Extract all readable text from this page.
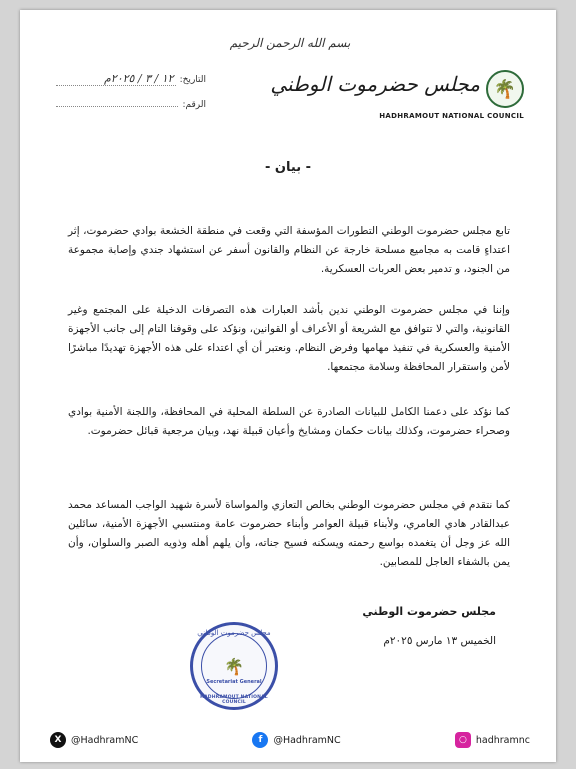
بسم الله الرحمن الرحيم
التاريخ:
١٢ / ٣ / ٢٠٢٥م
الرقم:
🌴
مجلس حضرموت الوطني
HADHRAMOUT NATIONAL COUNCIL
- بيان -

تابع مجلس حضرموت الوطني التطورات المؤسفة التي وقعت في منطقة الخشعة بوادي حضرموت، إثر اعتداءٍ قامت به مجاميع مسلحة خارجة عن النظام والقانون أسفر عن استشهاد جندي وإصابة مجموعة من الجنود، و تدمير بعض العربات العسكرية.

وإننا في مجلس حضرموت الوطني ندين بأشد العبارات هذه التصرفات الدخيلة على المجتمع وغير القانونية، والتي لا تتوافق مع الشريعة أو الأعراف أو القوانين، ونؤكد على وقوفنا التام إلى جانب الأجهزة الأمنية والعسكرية في تنفيذ مهامها وفرض النظام. ونعتبر أن أي اعتداء على هذه الأجهزة تهديدًا مباشرًا لأمن واستقرار المحافظة وسلامة مجتمعها.

كما نؤكد على دعمنا الكامل للبيانات الصادرة عن السلطة المحلية في المحافظة، واللجنة الأمنية بوادي وصحراء حضرموت، وكذلك بيانات حكمان ومشايخ وأعيان قبيلة نهد، وبيان مرجعية قبائل حضرموت.

كما نتقدم في مجلس حضرموت الوطني بخالص التعازي والمواساة لأسرة شهيد الواجب المساعد محمد عبدالقادر هادي العامري، ولأبناء قبيلة العوامر وأبناء حضرموت عامة ومنتسبي الأجهزة الأمنية، سائلين الله عز وجل أن يتغمده بواسع رحمته ويسكنه فسيح جناته، وأن يلهم أهله وذويه الصبر والسلوان، وأن يمن بالشفاء العاجل للمصابين.

مجلس حضرموت الوطني
الخميس ١٣ مارس ٢٠٢٥م
مجلس حضرموت الوطني
🌴
Secretariat General
HADHRAMOUT NATIONAL COUNCIL
X	@HadhramNC	f	@HadhramNC	○ hadhramnc
